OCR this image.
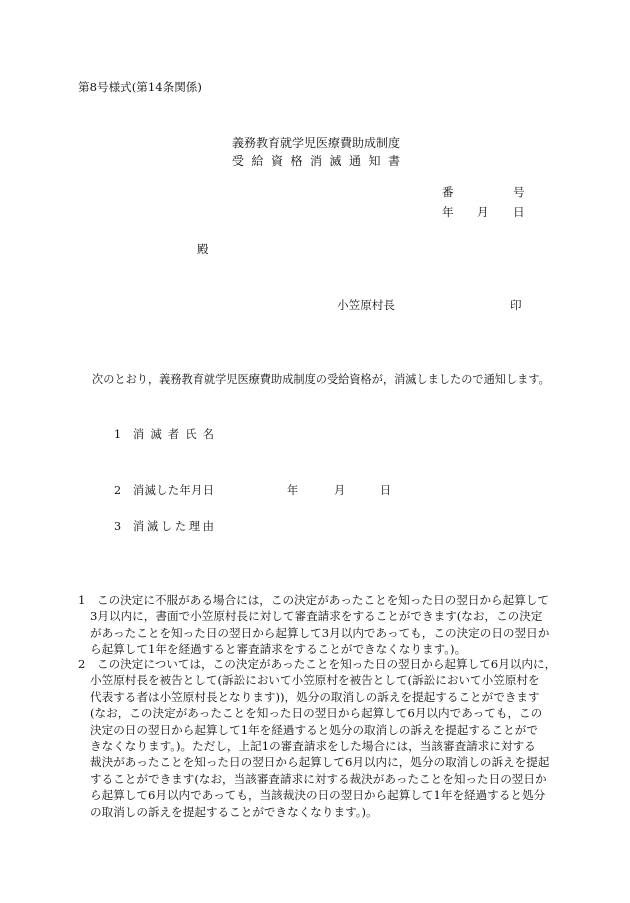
第8号様式(第14条関係)
義務教育就学児医療費助成制度
受 給 資 格 消 滅 通 知 書
番	号
年 月 日
殿
小笠原村長	印
次のとおり，義務教育就学児医療費助成制度の受給資格が，消滅しましたので通知します。
1 消 滅 者 氏 名
2 消滅した年月日	年	月	日
3 消 滅 し た 理 由
1　この決定に不服がある場合には，この決定があったことを知った日の翌日から起算して
3月以内に，書面で小笠原村長に対して審査請求をすることができます(なお，この決定
があったことを知った日の翌日から起算して3月以内であっても，この決定の日の翌日か
ら起算して1年を経過すると審査請求をすることができなくなります。)。
2　この決定については，この決定があったことを知った日の翌日から起算して6月以内に，
小笠原村長を被告として(訴訟において小笠原村を被告として(訴訟において小笠原村を
代表する者は小笠原村長となります))，処分の取消しの訴えを提起することができます
(なお，この決定があったことを知った日の翌日から起算して6月以内であっても，この
決定の日の翌日から起算して1年を経過すると処分の取消しの訴えを提起することがで
きなくなります。)。ただし，上記1の審査請求をした場合には，当該審査請求に対する
裁決があったことを知った日の翌日から起算して6月以内に，処分の取消しの訴えを提起
することができます(なお，当該審査請求に対する裁決があったことを知った日の翌日か
ら起算して6月以内であっても，当該裁決の日の翌日から起算して1年を経過すると処分
の取消しの訴えを提起することができなくなります。)。
